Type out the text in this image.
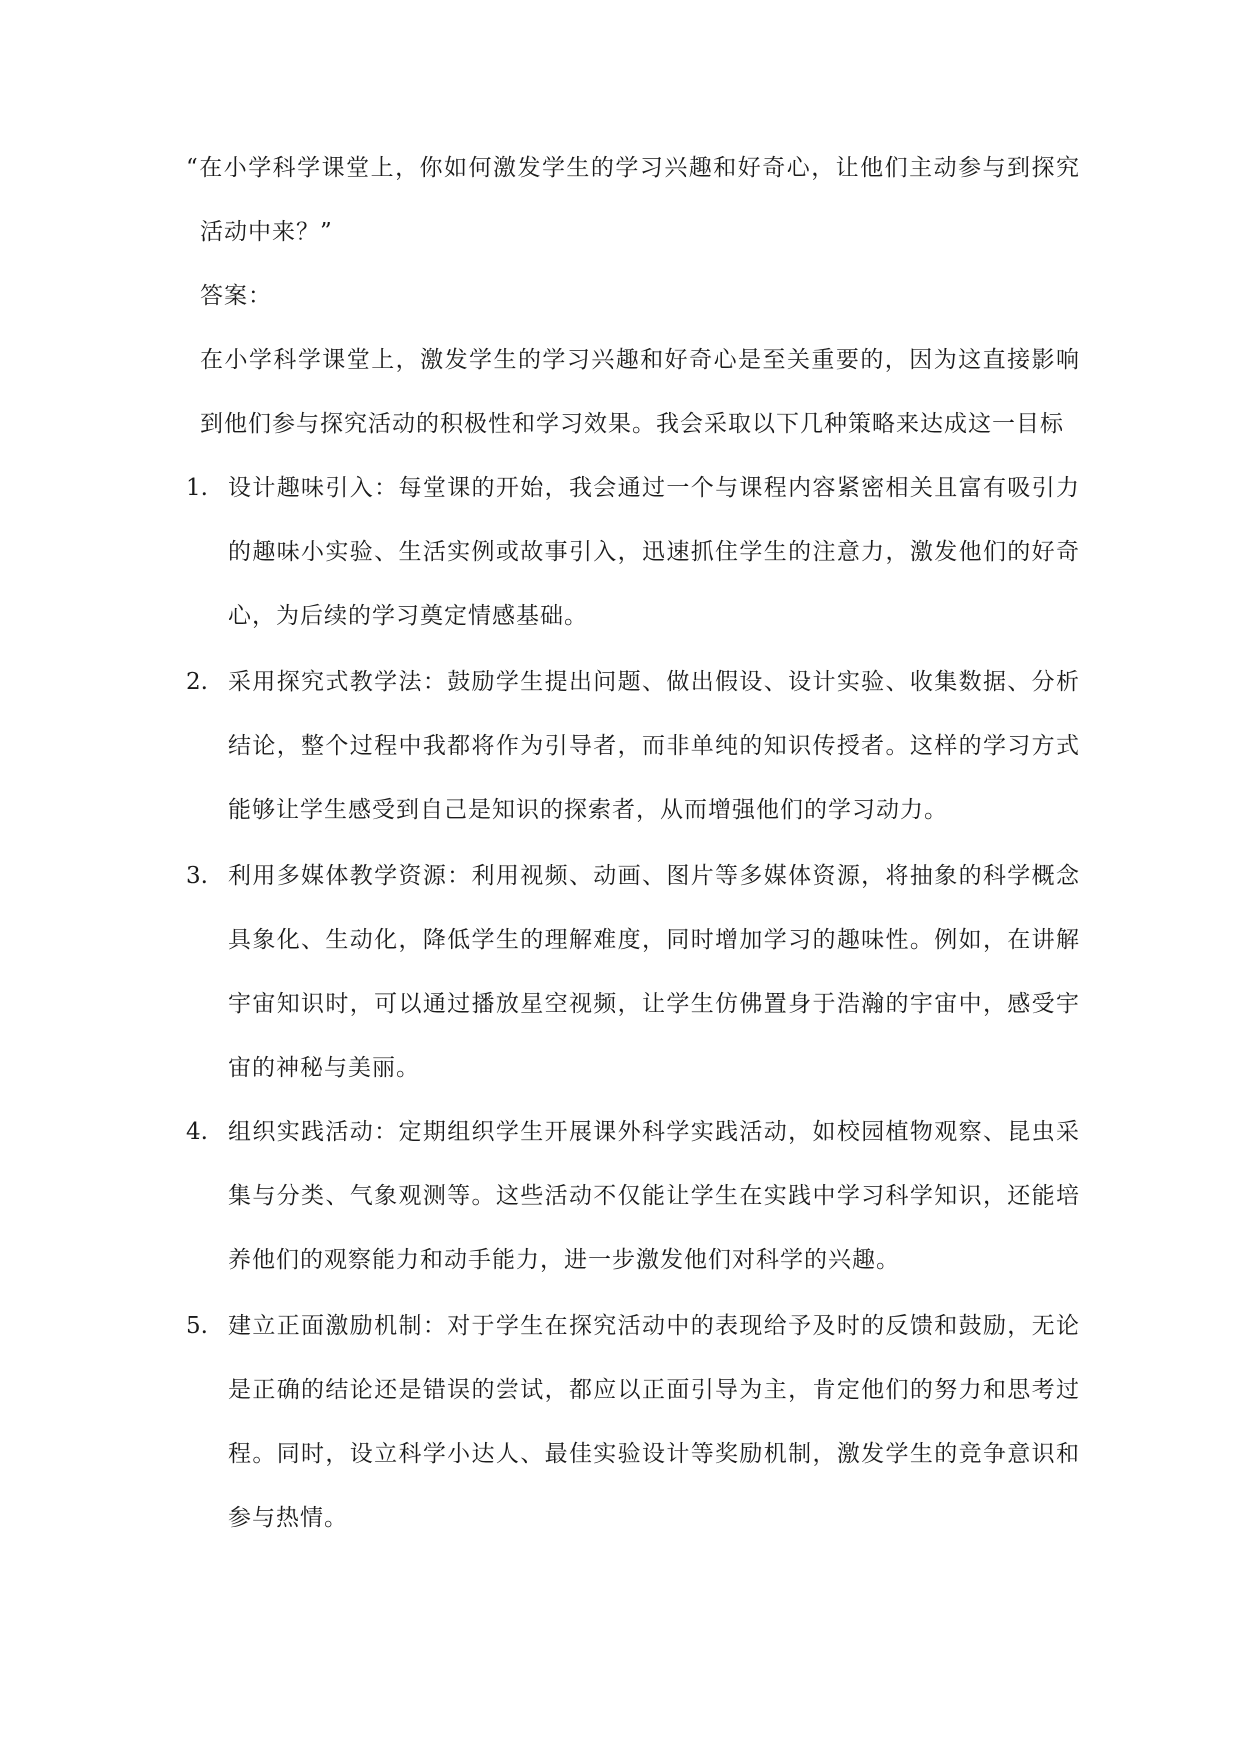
“在小学科学课堂上，你如何激发学生的学习兴趣和好奇心，让他们主动参与到探究活动中来？”
答案：
在小学科学课堂上，激发学生的学习兴趣和好奇心是至关重要的，因为这直接影响到他们参与探究活动的积极性和学习效果。我会采取以下几种策略来达成这一目标
1. 设计趣味引入：每堂课的开始，我会通过一个与课程内容紧密相关且富有吸引力的趣味小实验、生活实例或故事引入，迅速抓住学生的注意力，激发他们的好奇心，为后续的学习奠定情感基础。
2. 采用探究式教学法：鼓励学生提出问题、做出假设、设计实验、收集数据、分析结论，整个过程中我都将作为引导者，而非单纯的知识传授者。这样的学习方式能够让学生感受到自己是知识的探索者，从而增强他们的学习动力。
3. 利用多媒体教学资源：利用视频、动画、图片等多媒体资源，将抽象的科学概念具象化、生动化，降低学生的理解难度，同时增加学习的趣味性。例如，在讲解宇宙知识时，可以通过播放星空视频，让学生仿佛置身于浩瀚的宇宙中，感受宇宙的神秘与美丽。
4. 组织实践活动：定期组织学生开展课外科学实践活动，如校园植物观察、昆虫采集与分类、气象观测等。这些活动不仅能让学生在实践中学习科学知识，还能培养他们的观察能力和动手能力，进一步激发他们对科学的兴趣。
5. 建立正面激励机制：对于学生在探究活动中的表现给予及时的反馈和鼓励，无论是正确的结论还是错误的尝试，都应以正面引导为主，肯定他们的努力和思考过程。同时，设立科学小达人、最佳实验设计等奖励机制，激发学生的竞争意识和参与热情。
